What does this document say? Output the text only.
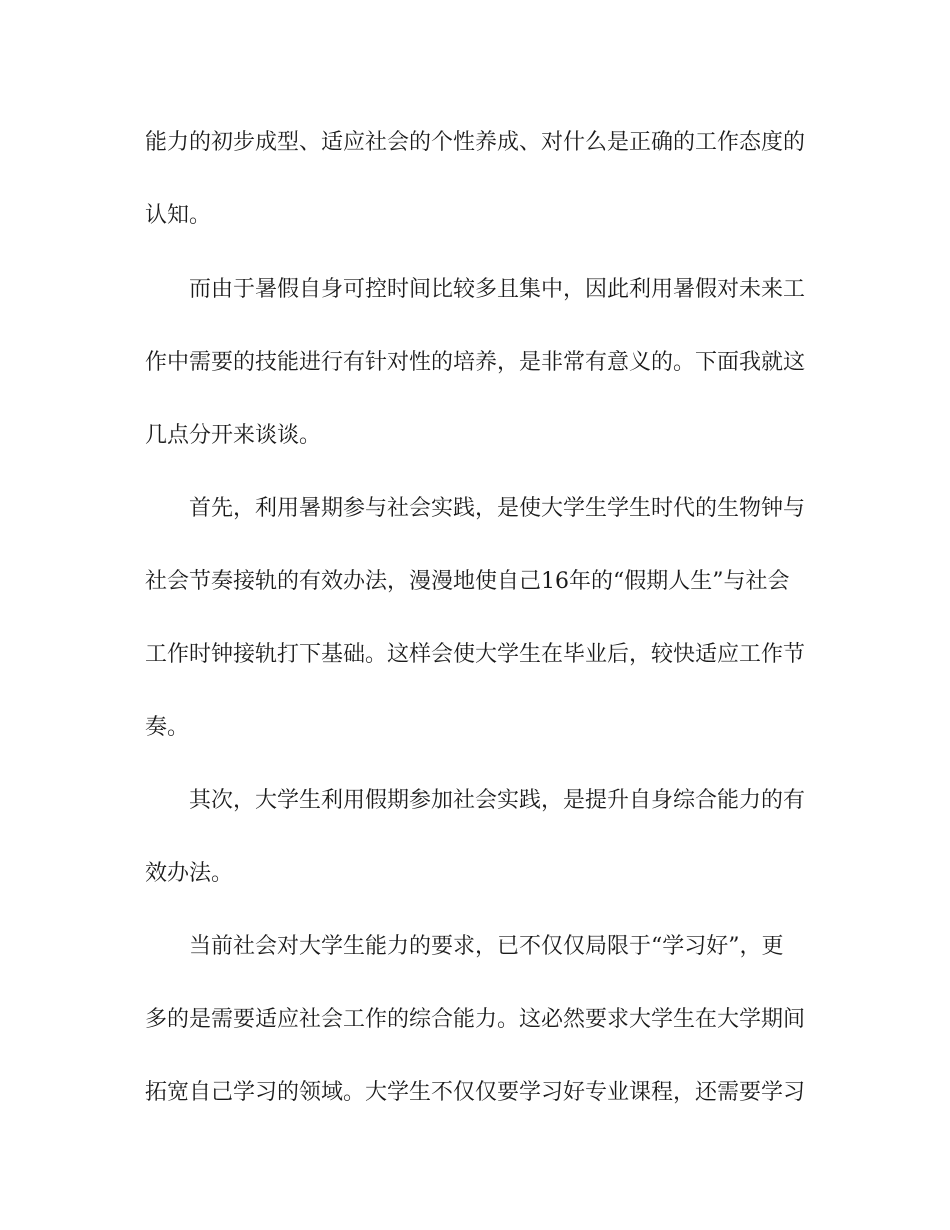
能力的初步成型、适应社会的个性养成、对什么是正确的工作态度的
认知。
而由于暑假自身可控时间比较多且集中，因此利用暑假对未来工
作中需要的技能进行有针对性的培养，是非常有意义的。下面我就这
几点分开来谈谈。
首先，利用暑期参与社会实践，是使大学生学生时代的生物钟与
社会节奏接轨的有效办法，漫漫地使自己16年的“假期人生”与社会
工作时钟接轨打下基础。这样会使大学生在毕业后，较快适应工作节
奏。
其次，大学生利用假期参加社会实践，是提升自身综合能力的有
效办法。
当前社会对大学生能力的要求，已不仅仅局限于“学习好”，更
多的是需要适应社会工作的综合能力。这必然要求大学生在大学期间
拓宽自己学习的领域。大学生不仅仅要学习好专业课程，还需要学习
